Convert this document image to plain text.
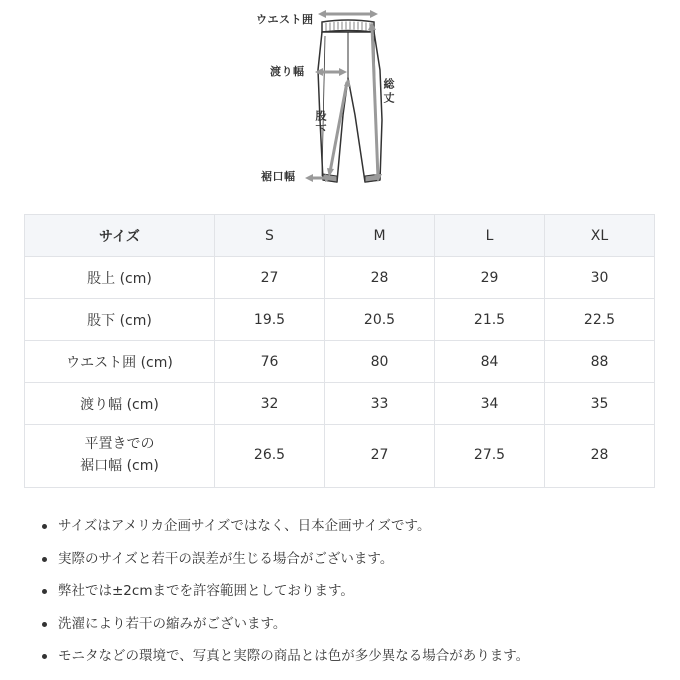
ウエスト囲
渡り幅
総丈
股下
裾口幅
サイズ	S	M	L	XL
股上 (cm)	27	28	29	30
股下 (cm)	19.5	20.5	21.5	22.5
ウエスト囲 (cm)	76	80	84	88
渡り幅 (cm)	32	33	34	35
平置きでの
裾口幅 (cm)	26.5	27	27.5	28
サイズはアメリカ企画サイズではなく、日本企画サイズです。
実際のサイズと若干の誤差が生じる場合がございます。
弊社では±2cmまでを許容範囲としております。
洗濯により若干の縮みがございます。
モニタなどの環境で、写真と実際の商品とは色が多少異なる場合があります。
